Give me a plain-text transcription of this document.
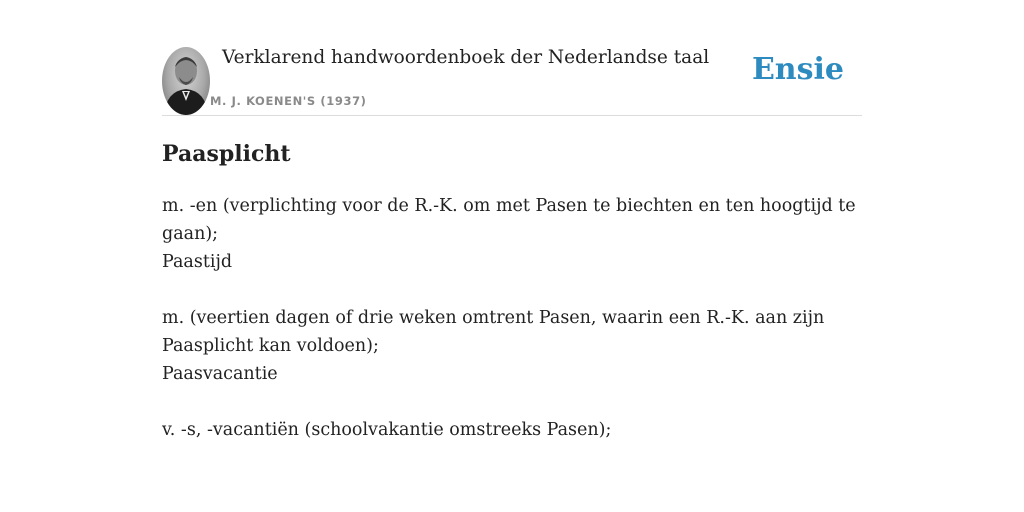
Verklarend handwoordenboek der Nederlandse taal
M. J. KOENEN'S (1937)
Ensie
Paasplicht

m. -en (verplichting voor de R.-K. om met Pasen te biechten en ten hoogtijd te gaan);

Paastijd

m. (veertien dagen of drie weken omtrent Pasen, waarin een R.-K. aan zijn Paasplicht kan voldoen);

Paasvacantie

v. -s, -vacantiën (schoolvakantie omstreeks Pasen);
